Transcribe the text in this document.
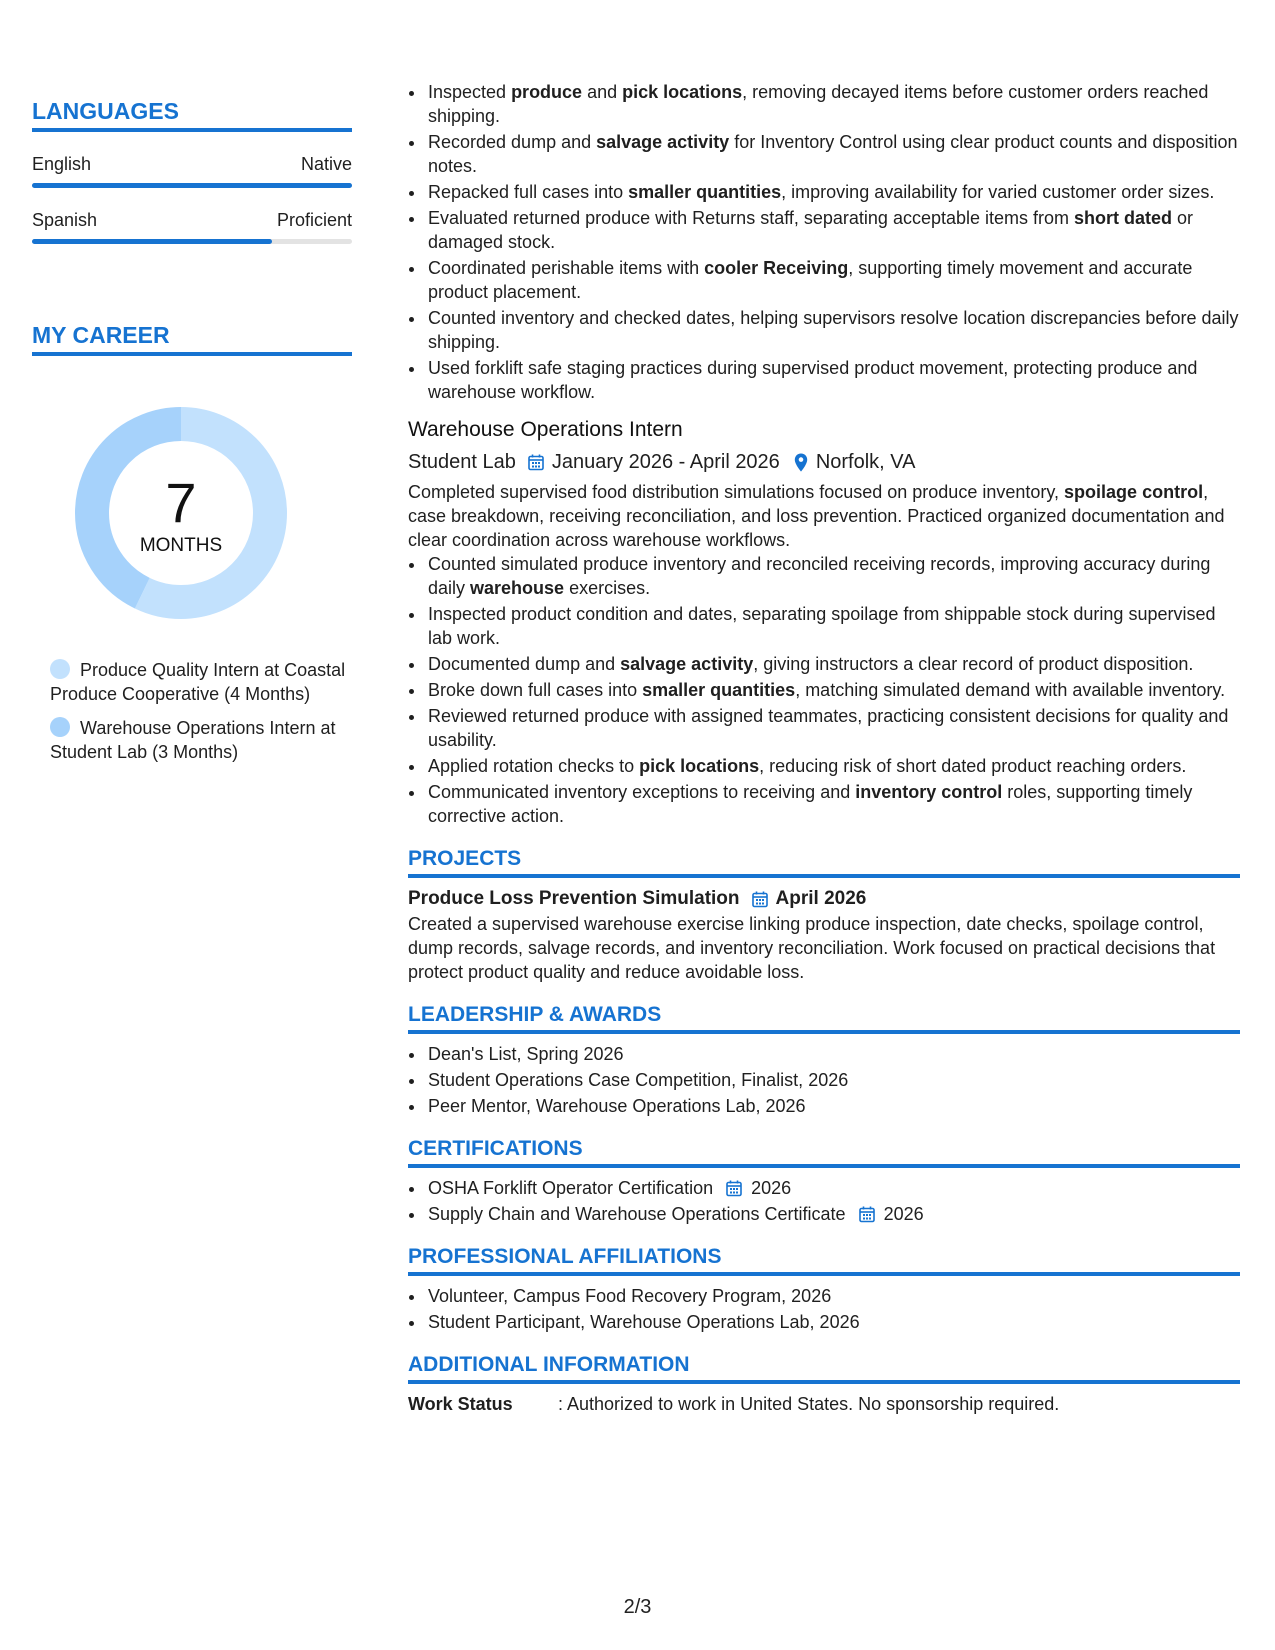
LANGUAGES
English	Native
Spanish	Proficient
MY CAREER
7
MONTHS
Produce Quality Intern at Coastal Produce Cooperative (4 Months)
Warehouse Operations Intern at Student Lab (3 Months)
• Inspected produce and pick locations, removing decayed items before customer orders reached shipping.
• Recorded dump and salvage activity for Inventory Control using clear product counts and disposition notes.
• Repacked full cases into smaller quantities, improving availability for varied customer order sizes.
• Evaluated returned produce with Returns staff, separating acceptable items from short dated or damaged stock.
• Coordinated perishable items with cooler Receiving, supporting timely movement and accurate product placement.
• Counted inventory and checked dates, helping supervisors resolve location discrepancies before daily shipping.
• Used forklift safe staging practices during supervised product movement, protecting produce and warehouse workflow.
Warehouse Operations Intern
Student Lab January 2026 - April 2026 Norfolk, VA
Completed supervised food distribution simulations focused on produce inventory, spoilage control, case breakdown, receiving reconciliation, and loss prevention. Practiced organized documentation and clear coordination across warehouse workflows.
• Counted simulated produce inventory and reconciled receiving records, improving accuracy during daily warehouse exercises.
• Inspected product condition and dates, separating spoilage from shippable stock during supervised lab work.
• Documented dump and salvage activity, giving instructors a clear record of product disposition.
• Broke down full cases into smaller quantities, matching simulated demand with available inventory.
• Reviewed returned produce with assigned teammates, practicing consistent decisions for quality and usability.
• Applied rotation checks to pick locations, reducing risk of short dated product reaching orders.
• Communicated inventory exceptions to receiving and inventory control roles, supporting timely corrective action.
PROJECTS
Produce Loss Prevention Simulation April 2026
Created a supervised warehouse exercise linking produce inspection, date checks, spoilage control, dump records, salvage records, and inventory reconciliation. Work focused on practical decisions that protect product quality and reduce avoidable loss.
LEADERSHIP & AWARDS
• Dean's List, Spring 2026
• Student Operations Case Competition, Finalist, 2026
• Peer Mentor, Warehouse Operations Lab, 2026
CERTIFICATIONS
• OSHA Forklift Operator Certification 2026
• Supply Chain and Warehouse Operations Certificate 2026
PROFESSIONAL AFFILIATIONS
• Volunteer, Campus Food Recovery Program, 2026
• Student Participant, Warehouse Operations Lab, 2026
ADDITIONAL INFORMATION
Work Status	: Authorized to work in United States. No sponsorship required.
2/3
